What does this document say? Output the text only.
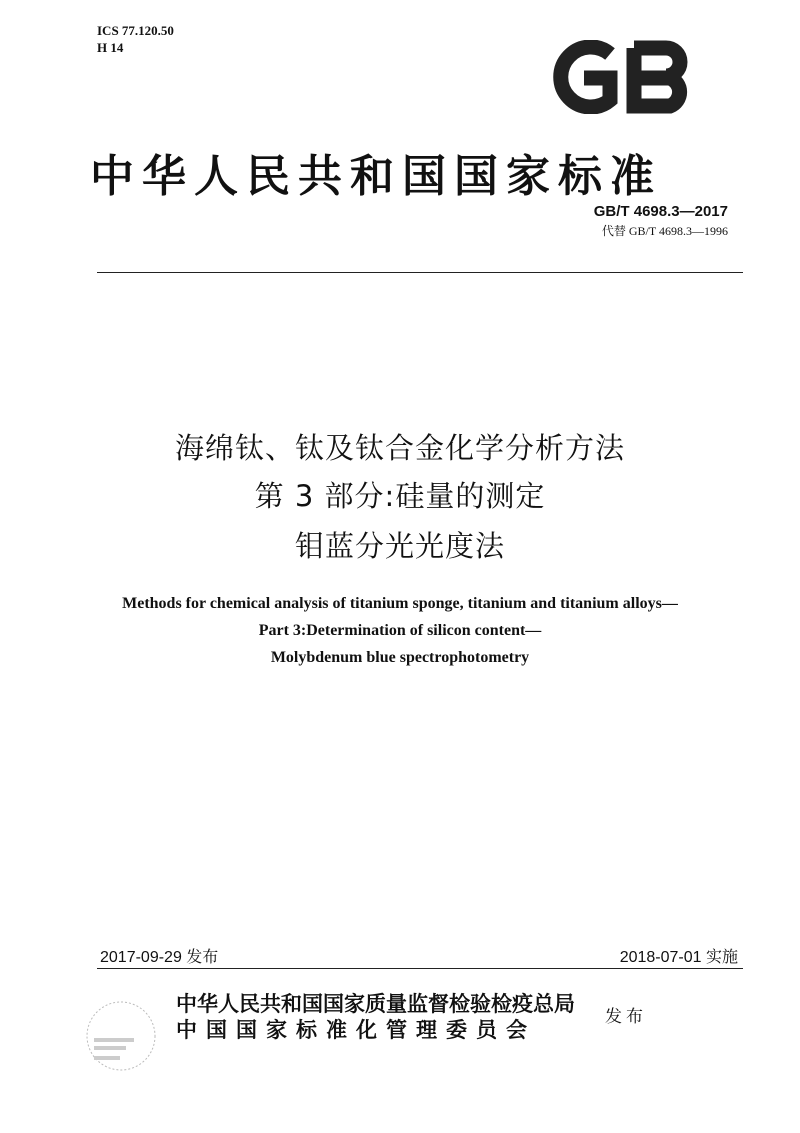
ICS 77.120.50
H 14
中华人民共和国国家标准
GB/T 4698.3—2017
代替 GB/T 4698.3—1996
海绵钛、钛及钛合金化学分析方法
第 3 部分:硅量的测定
钼蓝分光光度法
Methods for chemical analysis of titanium sponge, titanium and titanium alloys—
Part 3:Determination of silicon content—
Molybdenum blue spectrophotometry
2017-09-29 发布	2018-07-01 实施
中华人民共和国国家质量监督检验检疫总局
中国国家标准化管理委员会	发布
